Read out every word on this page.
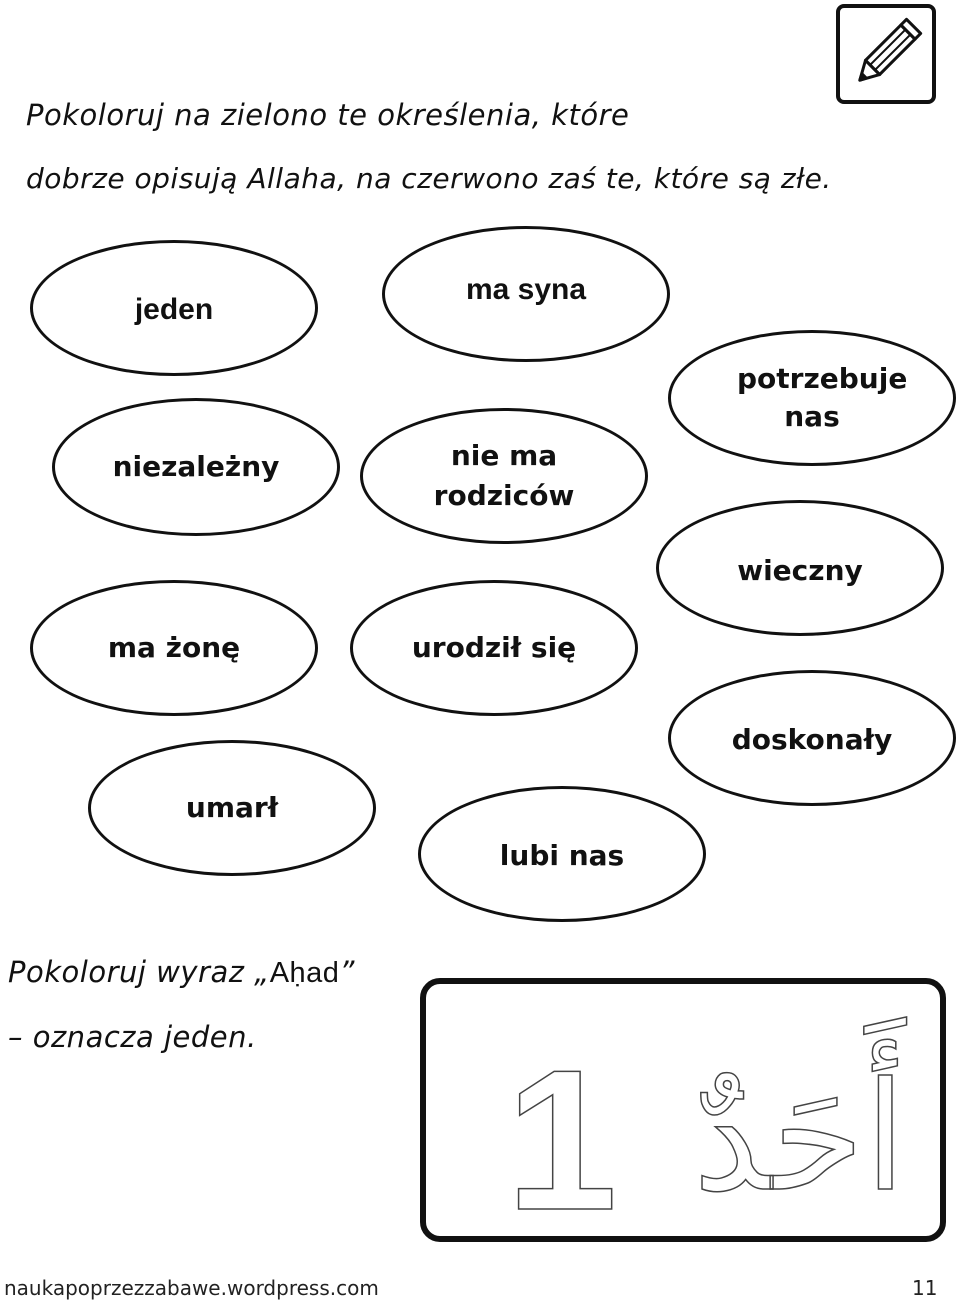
Pokoloruj na zielono te określenia, które
dobrze opisują Allaha, na czerwono zaś te, które są złe.
jeden
ma syna
potrzebuje nas
niezależny	nie ma rodziców
wieczny
ma żonę	urodził się
doskonały
umarł
lubi nas
Pokoloruj wyraz „Aḥad”
– oznacza jeden. 1 أَحَدٌ
naukapoprzezzabawe.wordpress.com	11
